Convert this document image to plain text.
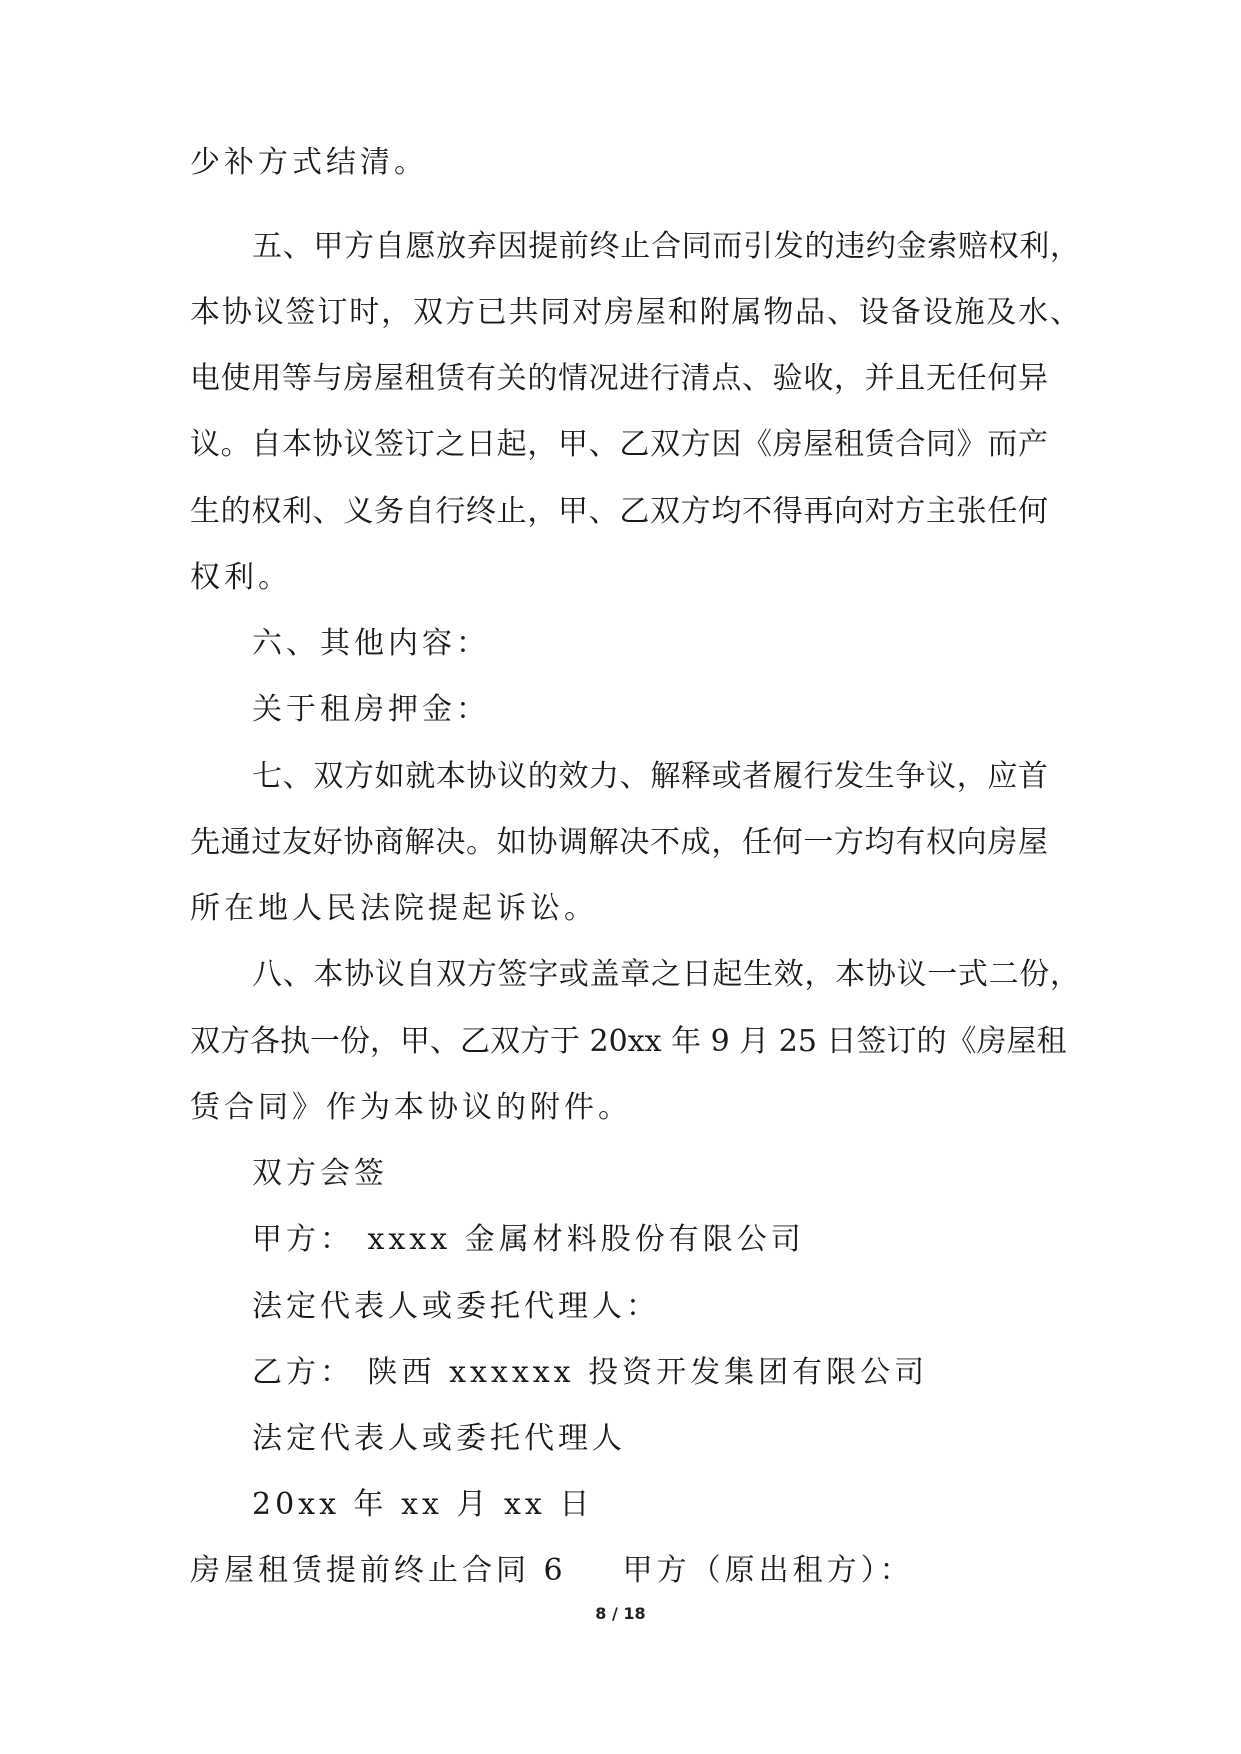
少补方式结清。
五、甲方自愿放弃因提前终止合同而引发的违约金索赔权利，
本协议签订时，双方已共同对房屋和附属物品、设备设施及水、
电使用等与房屋租赁有关的情况进行清点、验收，并且无任何异
议。自本协议签订之日起，甲、乙双方因《房屋租赁合同》而产
生的权利、义务自行终止，甲、乙双方均不得再向对方主张任何
权利。
六、其他内容：
关于租房押金：
七、双方如就本协议的效力、解释或者履行发生争议，应首
先通过友好协商解决。如协调解决不成，任何一方均有权向房屋
所在地人民法院提起诉讼。
八、本协议自双方签字或盖章之日起生效，本协议一式二份，
双方各执一份，甲、乙双方于 20xx 年 9 月 25 日签订的《房屋租
赁合同》作为本协议的附件。
双方会签
甲方： xxxx 金属材料股份有限公司
法定代表人或委托代理人：
乙方： 陕西 xxxxxx 投资开发集团有限公司
法定代表人或委托代理人
20xx 年 xx 月 xx 日
房屋租赁提前终止合同 6 甲方（原出租方）：
8 / 18
